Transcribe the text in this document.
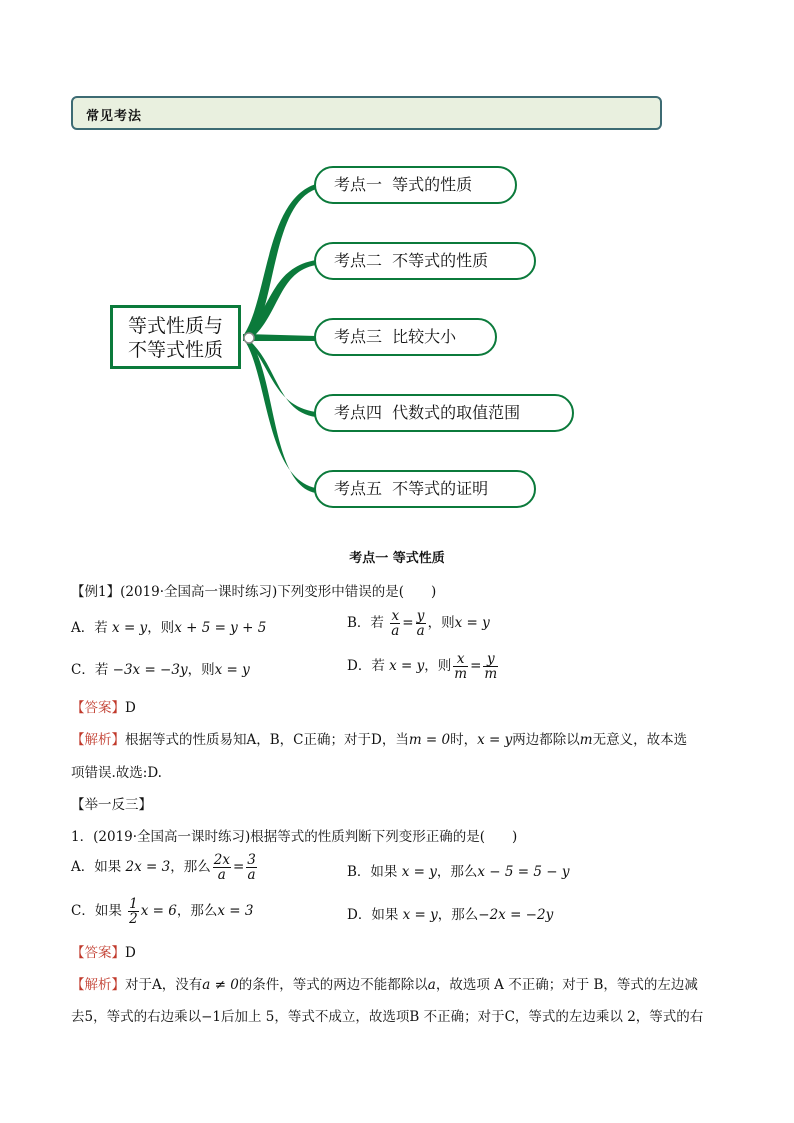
常见考法
等式性质与
不等式性质
考点一  等式的性质
考点二  不等式的性质
考点三  比较大小
考点四  代数式的取值范围
考点五  不等式的证明
考点一 等式性质
【例1】(2019·全国高一课时练习)下列变形中错误的是(　　)
A．若 x = y，则x + 5 = y + 5	B．若 $\frac{x}{a} = \frac{y}{a}$ ，则x = y
C．若 −3x = −3y，则x = y	D．若 x = y，则 $\frac{x}{m} = \frac{y}{m}$
【答案】D
【解析】根据等式的性质易知A，B，C正确；对于D，当m = 0时，x = y两边都除以m无意义，故本选
项错误.故选:D.
【举一反三】
1．(2019·全国高一课时练习)根据等式的性质判断下列变形正确的是(　　)
A．如果 2x = 3，那么 $\frac{2x}{a} = \frac{3}{a}$	B．如果 x = y，那么x − 5 = 5 − y
C．如果 $\frac{1}{2}$ x = 6，那么x = 3	D．如果 x = y，那么−2x = −2y
【答案】D
【解析】对于A，没有a ≠ 0的条件，等式的两边不能都除以a，故选项 A 不正确；对于 B，等式的左边减
去5，等式的右边乘以−1后加上 5，等式不成立，故选项B 不正确；对于C，等式的左边乘以 2，等式的右
